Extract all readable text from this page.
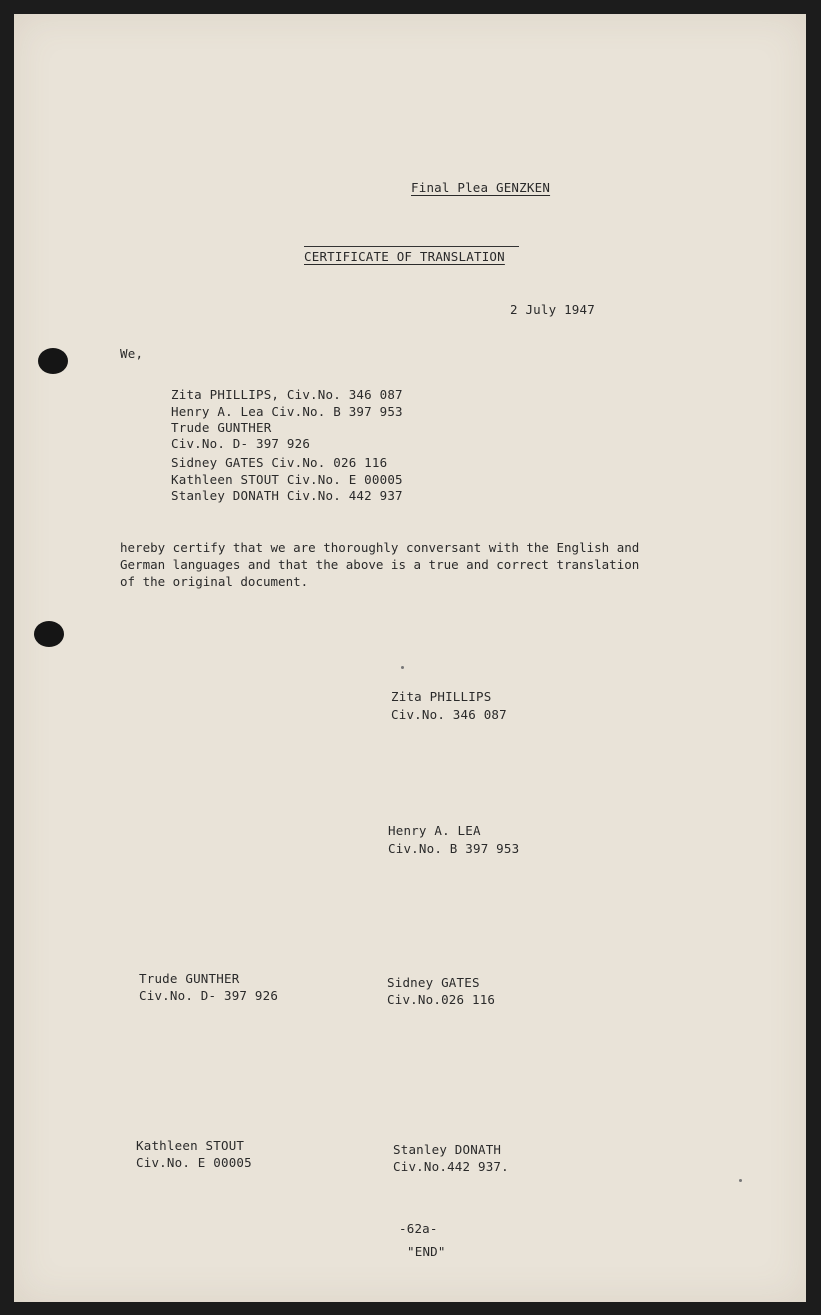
Final Plea GENZKEN

CERTIFICATE OF TRANSLATION

2 July 1947

We,

Zita PHILLIPS, Civ.No. 346 087

Henry A. Lea Civ.No. B 397 953

Trude GUNTHER

Civ.No. D- 397 926

Sidney GATES Civ.No. 026 116

Kathleen STOUT Civ.No. E 00005

Stanley DONATH Civ.No. 442 937

hereby certify that we are thoroughly conversant with the English and
German languages and that the above is a true and correct translation
of the original document.

Zita PHILLIPS

Civ.No. 346 087

Henry A. LEA

Civ.No. B 397 953

Trude GUNTHER

Civ.No. D- 397 926

Sidney GATES

Civ.No.026 116

Kathleen STOUT

Civ.No. E 00005

Stanley DONATH

Civ.No.442 937.

-62a-

"END"
